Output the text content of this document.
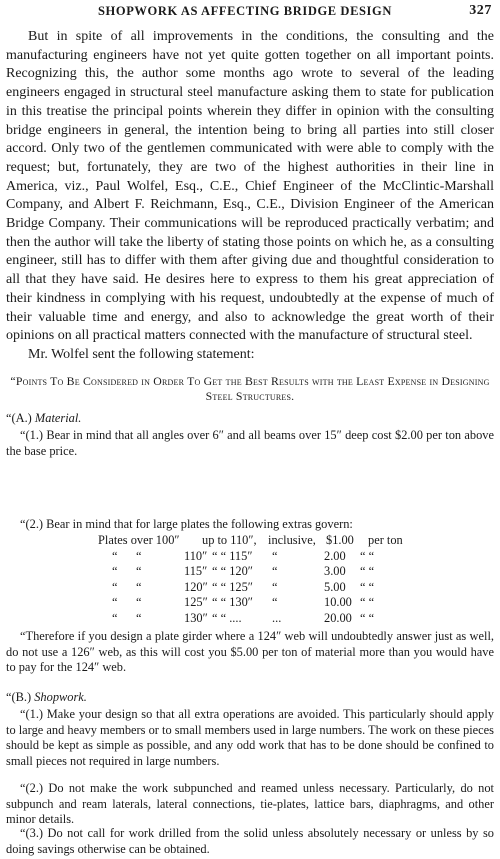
SHOPWORK AS AFFECTING BRIDGE DESIGN	327

But in spite of all improvements in the conditions, the consulting and the manufacturing engineers have not yet quite gotten together on all important points. Recognizing this, the author some months ago wrote to several of the leading engineers engaged in structural steel manufacture asking them to state for publication in this treatise the principal points wherein they differ in opinion with the consulting bridge engineers in general, the intention being to bring all parties into still closer accord. Only two of the gentlemen communicated with were able to comply with the request; but, fortunately, they are two of the highest authorities in their line in America, viz., Paul Wolfel, Esq., C.E., Chief Engineer of the McClintic-Marshall Company, and Albert F. Reichmann, Esq., C.E., Division Engineer of the American Bridge Company. Their communications will be reproduced practically verbatim; and then the author will take the liberty of stating those points on which he, as a consulting engineer, still has to differ with them after giving due and thoughtful consideration to all that they have said. He desires here to express to them his great appreciation of their kindness in complying with his request, undoubtedly at the expense of much of their valuable time and energy, and also to acknowledge the great worth of their opinions on all practical matters connected with the manufacture of structural steel.

Mr. Wolfel sent the following statement:

“Points To Be Considered in Order To Get the Best Results with the Least Expense in Designing Steel Structures.

“(A.) Material.

“(1.) Bear in mind that all angles over 6″ and all beams over 15″ deep cost $2.00 per ton above the base price.

“(2.) Bear in mind that for large plates the following extras govern:

Plates over 100″ up to 110″, inclusive, $1.00 per ton
“ “	110″ “ “ 115″ “	2.00 “ “
“ “	115″ “ “ 120″ “	3.00 “ “
“ “	120″ “ “ 125″ “	5.00 “ “
“ “	125″ “ “ 130″ “	10.00 “ “
“ “	130″ “ “ .... ...	20.00 “ “

“Therefore if you design a plate girder where a 124″ web will undoubtedly answer just as well, do not use a 126″ web, as this will cost you $5.00 per ton of material more than you would have to pay for the 124″ web.

“(B.) Shopwork.

“(1.) Make your design so that all extra operations are avoided. This particularly should apply to large and heavy members or to small members used in large numbers. The work on these pieces should be kept as simple as possible, and any odd work that has to be done should be confined to small pieces not required in large numbers.

“(2.) Do not make the work subpunched and reamed unless necessary. Particularly, do not subpunch and ream laterals, lateral connections, tie-plates, lattice bars, diaphragms, and other minor details.

“(3.) Do not call for work drilled from the solid unless absolutely necessary or unless by so doing savings otherwise can be obtained.
